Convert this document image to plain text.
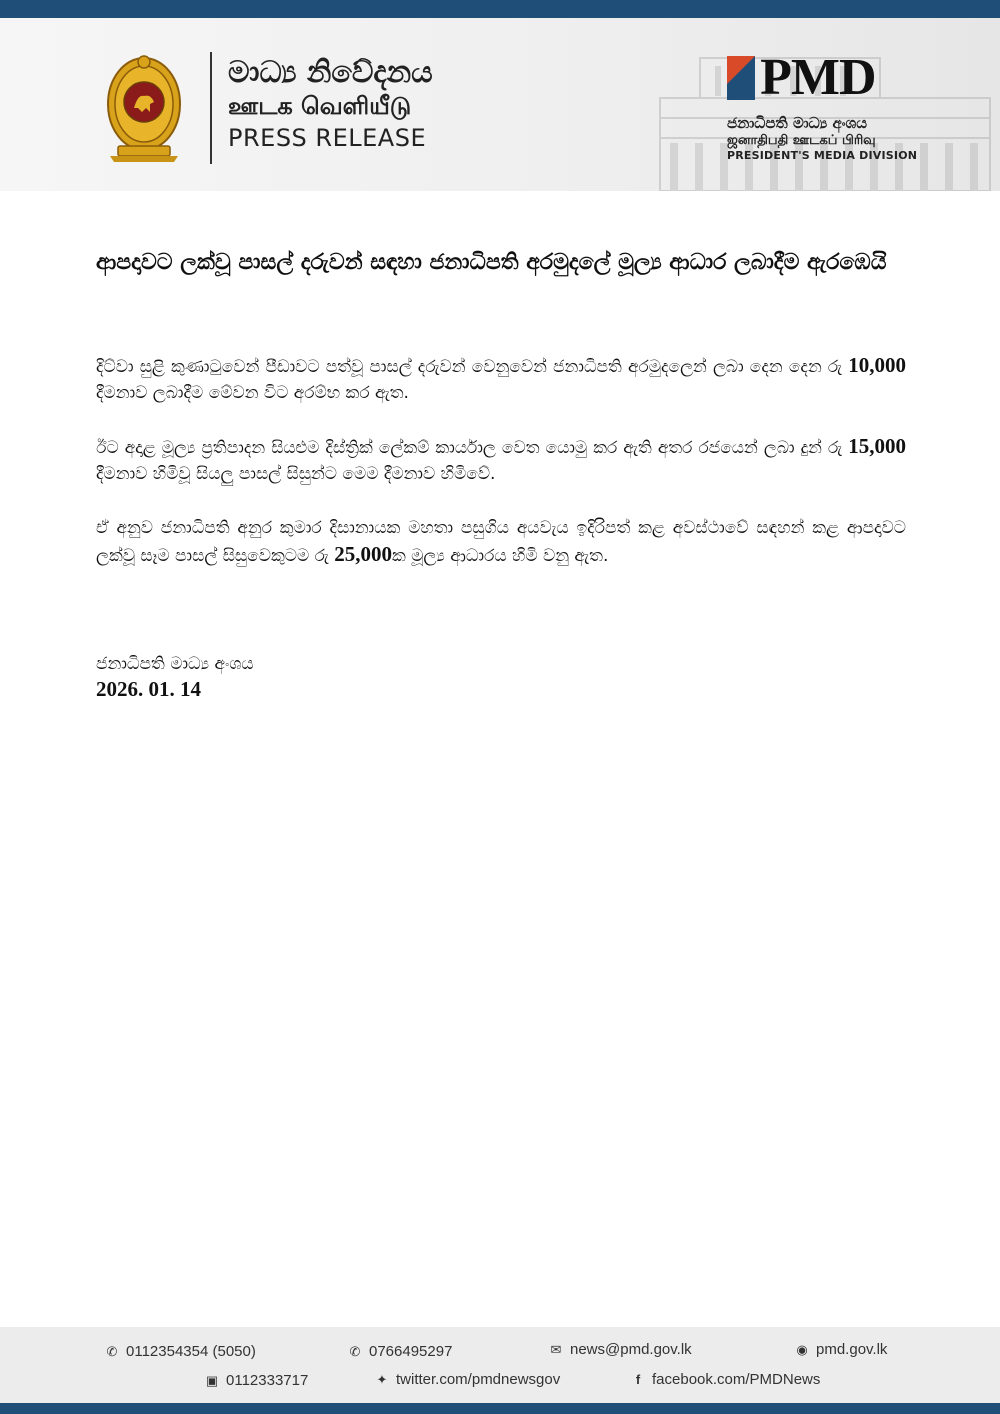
මාධ්‍ය නිවේදනය
ஊடக வெளியீடு
PRESS RELEASE
PMD
ජනාධිපති මාධ්‍ය අංශය
ஜனாதிபதி ஊடகப் பிரிவு
PRESIDENT'S MEDIA DIVISION
ආපදාවට ලක්වූ පාසල් දරුවන් සඳහා ජනාධිපති අරමුදලේ මූල්‍ය ආධාර ලබාදීම ඇරඹෙයි

දිට්වා සුළි කුණාටුවෙන් පීඩාවට පත්වූ පාසල් දරුවන් වෙනුවෙන් ජනාධිපති අරමුදලෙන් ලබා දෙන දෙන රු 10,000 දීමනාව ලබාදීම මේවන විට අරම්භ කර ඇත.

ඊට අදාළ මූල්‍ය ප්‍රතිපාදන සියළුම දිස්ත්‍රික් ලේකම් කාර්යාල වෙත යොමු කර ඇති අතර රජයෙන් ලබා දුන් රු 15,000 දීමනාව හිමිවූ සියලු පාසල් සිසුන්ට මෙම දීමනාව හිමිවේ.

ඒ අනුව ජනාධිපති අනුර කුමාර දිසානායක මහතා පසුගිය අයවැය ඉදිරිපත් කළ අවස්ථාවේ සඳහන් කළ ආපදාවට ලක්වූ සෑම පාසල් සිසුවෙකුටම රු 25,000ක මූල්‍ය ආධාරය හිමි වනු ඇත.

ජනාධිපති මාධ්‍ය අංශය
2026. 01. 14
✆ 0112354354 (5050)	✆ 0766495297	✉ news@pmd.gov.lk	◉ pmd.gov.lk
▣ 0112333717	✦ twitter.com/pmdnewsgov	f facebook.com/PMDNews
